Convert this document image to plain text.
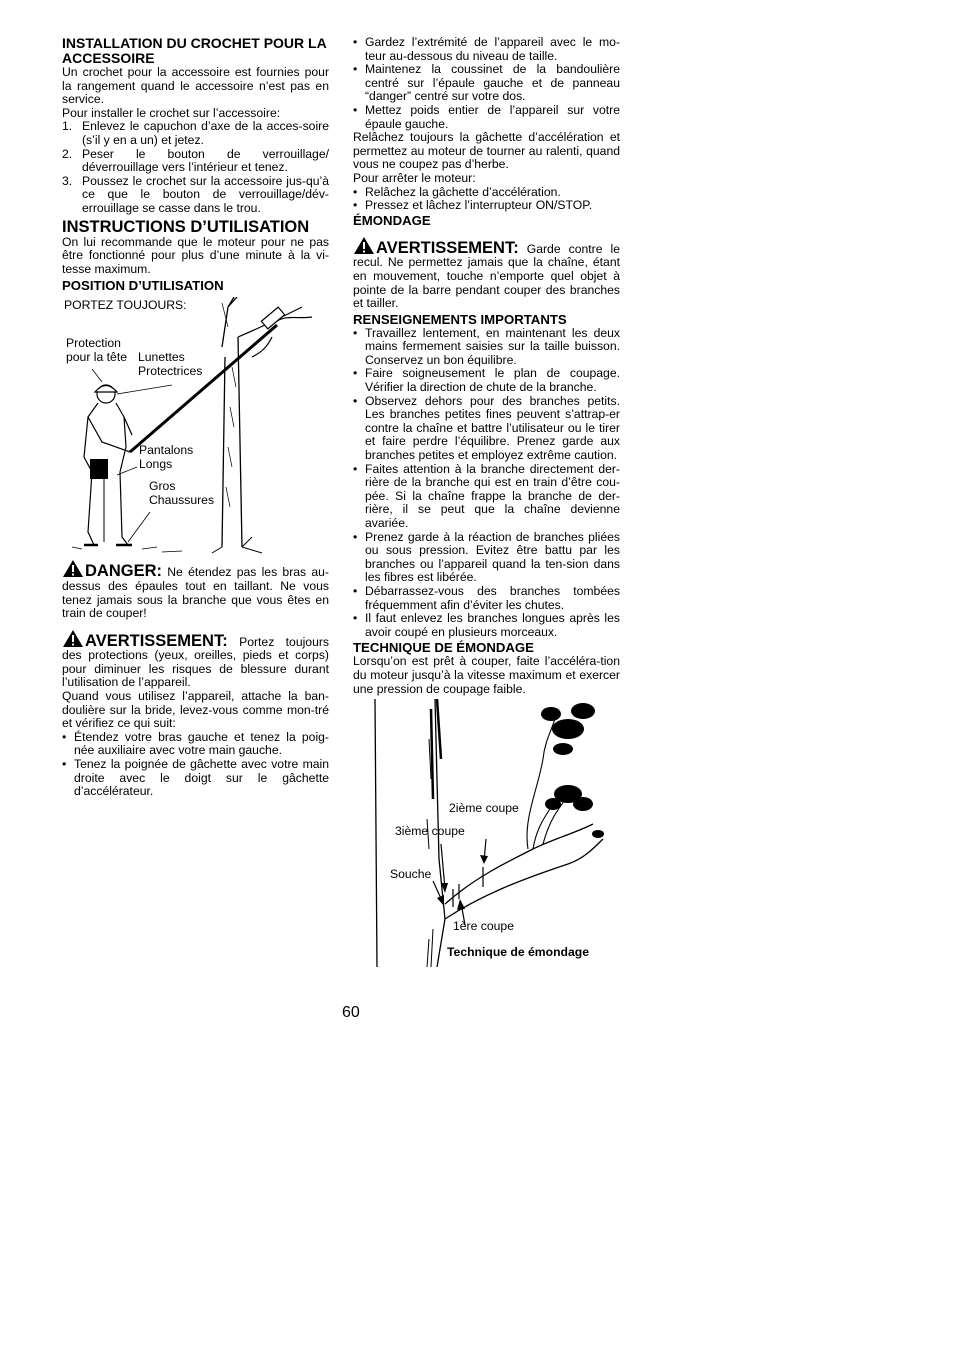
INSTALLATION DU CROCHET POUR LA ACCESSOIRE

Un crochet pour la accessoire est fournies pour la rangement quand le accessoire n’est pas en service.

Pour installer le crochet sur l’accessoire:

1. Enlevez le capuchon d’axe de la acces-soire (s’il y en a un) et jetez.
2. Peser le bouton de verrouillage/ déverrouillage vers l’intérieur et tenez.
3. Poussez le crochet sur la accessoire jus-qu’à ce que le bouton de verrouillage/dév-errouillage se casse dans le trou.
INSTRUCTIONS D’UTILISATION

On lui recommande que le moteur pour ne pas être fonctionné pour plus d’une minute à la vi-tesse maximum.

POSITION D’UTILISATION
PORTEZ TOUJOURS:
Protection pour la tête Lunettes Protectrices
Pantalons Longs
Gros Chaussures

DANGER: Ne étendez pas les bras au-dessus des épaules tout en taillant. Ne vous tenez jamais sous la branche que vous êtes en train de couper!

AVERTISSEMENT: Portez toujours des protections (yeux, oreilles, pieds et corps) pour diminuer les risques de blessure durant l’utilisation de l’appareil.

Quand vous utilisez l’appareil, attache la ban-doulière sur la bride, levez-vous comme mon-tré et vérifiez ce qui suit:

• Étendez votre bras gauche et tenez la poig-née auxiliaire avec votre main gauche.
• Tenez la poignée de gâchette avec votre main droite avec le doigt sur le gâchette d’accélérateur.
• Gardez l’extrémité de l’appareil avec le mo-teur au-dessous du niveau de taille.
• Maintenez la coussinet de la bandoulière centré sur l’épaule gauche et de panneau “danger” centré sur votre dos.
• Mettez poids entier de l’appareil sur votre épaule gauche.

Relâchez toujours la gâchette d’accélération et permettez au moteur de tourner au ralenti, quand vous ne coupez pas d’herbe.

Pour arrêter le moteur:

• Relâchez la gâchette d’accélération.
• Pressez et lâchez l’interrupteur ON/STOP.
ÉMONDAGE

AVERTISSEMENT: Garde contre le recul. Ne permettez jamais que la chaîne, étant en mouvement, touche n’emporte quel objet à pointe de la barre pendant couper des branches et tailler.

RENSEIGNEMENTS IMPORTANTS
• Travaillez lentement, en maintenant les deux mains fermement saisies sur la taille buisson. Conservez un bon équilibre.
• Faire soigneusement le plan de coupage. Vérifier la direction de chute de la branche.
• Observez dehors pour des branches petits. Les branches petites fines peuvent s’attrap-er contre la chaîne et battre l’utilisateur ou le tirer et faire perdre l’équilibre. Prenez garde aux branches petites et employez extrême caution.
• Faites attention à la branche directement der-rière de la branche qui est en train d’être cou-pée. Si la chaîne frappe la branche de der-rière, il se peut que la chaîne devienne avariée.
• Prenez garde à la réaction de branches pliées ou sous pression. Evitez être battu par les branches ou l’appareil quand la ten-sion dans les fibres est libérée.
• Débarrassez-vous des branches tombées fréquemment afin d’éviter les chutes.
• Il faut enlevez les branches longues après les avoir coupé en plusieurs morceaux.
TECHNIQUE DE ÉMONDAGE

Lorsqu’on est prêt à couper, faite l’accéléra-tion du moteur jusqu’à la vitesse maximum et exercer une pression de coupage faible.

2ième coupe
3ième coupe
Souche
1ère coupe
Technique de émondage
60
